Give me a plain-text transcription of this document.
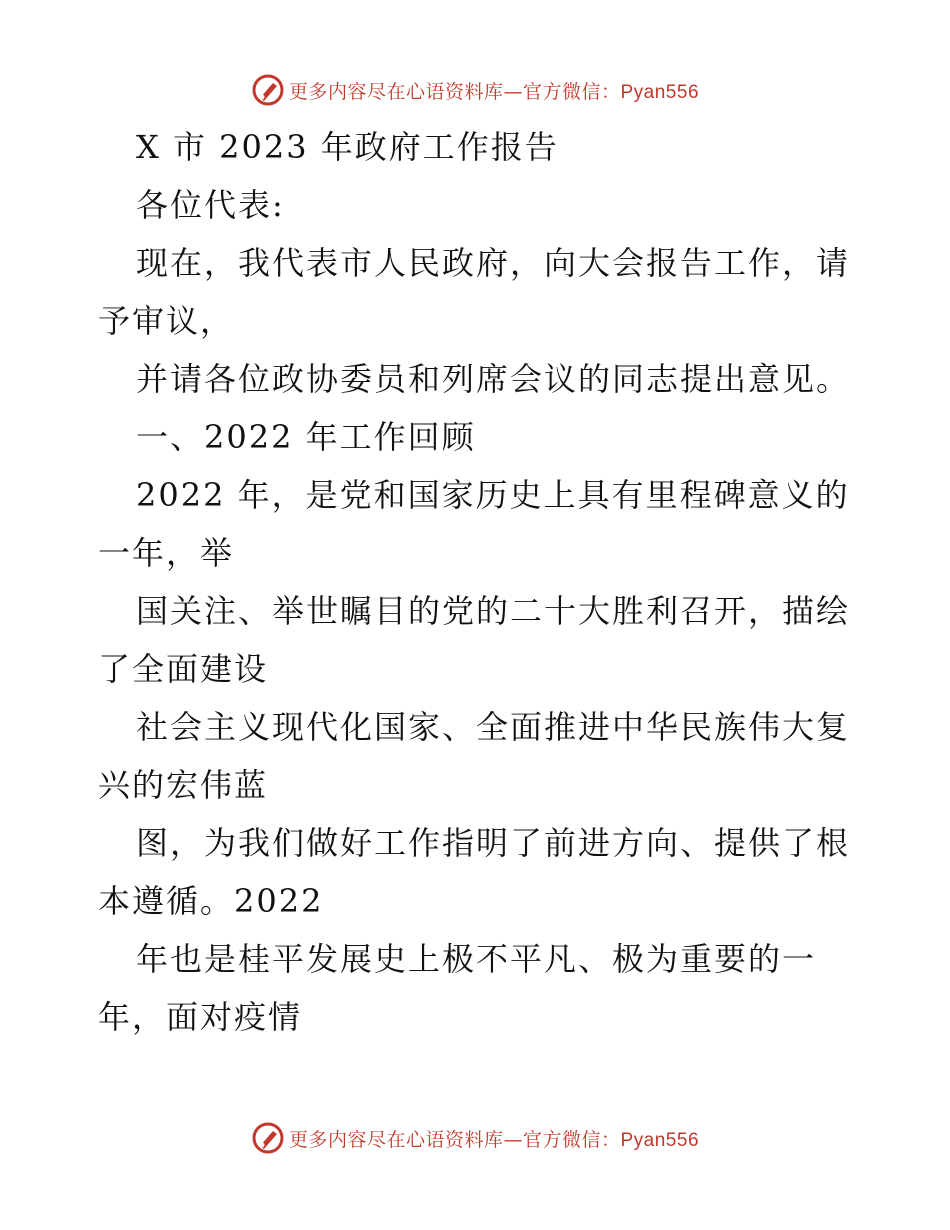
更多内容尽在心语资料库—官方微信：Pyan556
X 市 2023 年政府工作报告
各位代表:
现在，我代表市人民政府，向大会报告工作，请
予审议，
并请各位政协委员和列席会议的同志提出意见。
一、2022 年工作回顾
2022 年，是党和国家历史上具有里程碑意义的
一年，举
国关注、举世瞩目的党的二十大胜利召开，描绘
了全面建设
社会主义现代化国家、全面推进中华民族伟大复
兴的宏伟蓝
图，为我们做好工作指明了前进方向、提供了根
本遵循。2022
年也是桂平发展史上极不平凡、极为重要的一
年，面对疫情
更多内容尽在心语资料库—官方微信：Pyan556
